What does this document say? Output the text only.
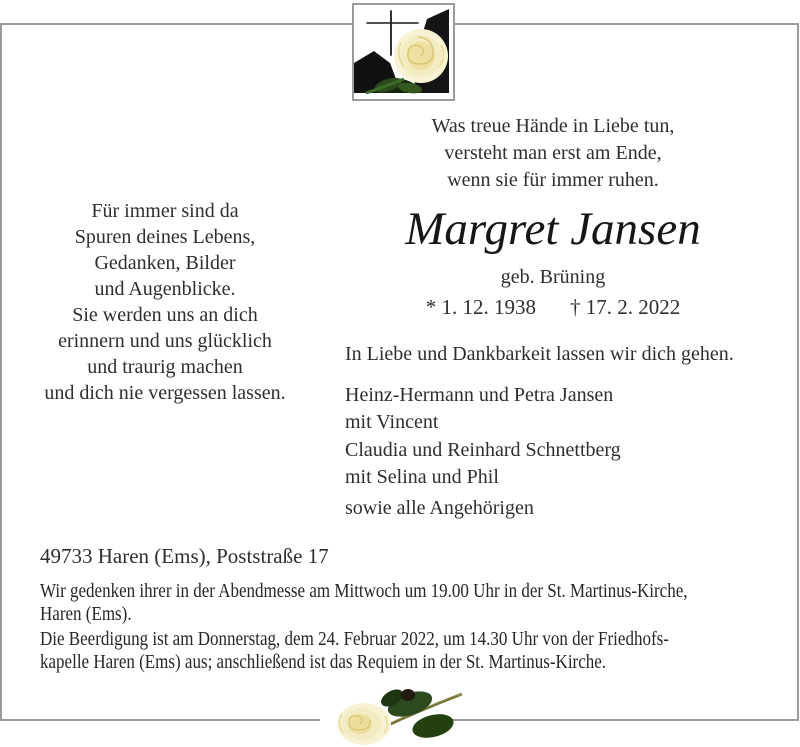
Was treue Hände in Liebe tun,
versteht man erst am Ende,
wenn sie für immer ruhen.
Für immer sind da
Spuren deines Lebens,
Gedanken, Bilder
und Augenblicke.
Sie werden uns an dich
erinnern und uns glücklich
und traurig machen
und dich nie vergessen lassen.
Margret Jansen
geb. Brüning
* 1. 12. 1938 † 17. 2. 2022
In Liebe und Dankbarkeit lassen wir dich gehen.
Heinz-Hermann und Petra Jansen
mit Vincent
Claudia und Reinhard Schnettberg
mit Selina und Phil
sowie alle Angehörigen
49733 Haren (Ems), Poststraße 17
Wir gedenken ihrer in der Abendmesse am Mittwoch um 19.00 Uhr in der St. Martinus-Kirche,
Haren (Ems).
Die Beerdigung ist am Donnerstag, dem 24. Februar 2022, um 14.30 Uhr von der Friedhofs-
kapelle Haren (Ems) aus; anschließend ist das Requiem in der St. Martinus-Kirche.
